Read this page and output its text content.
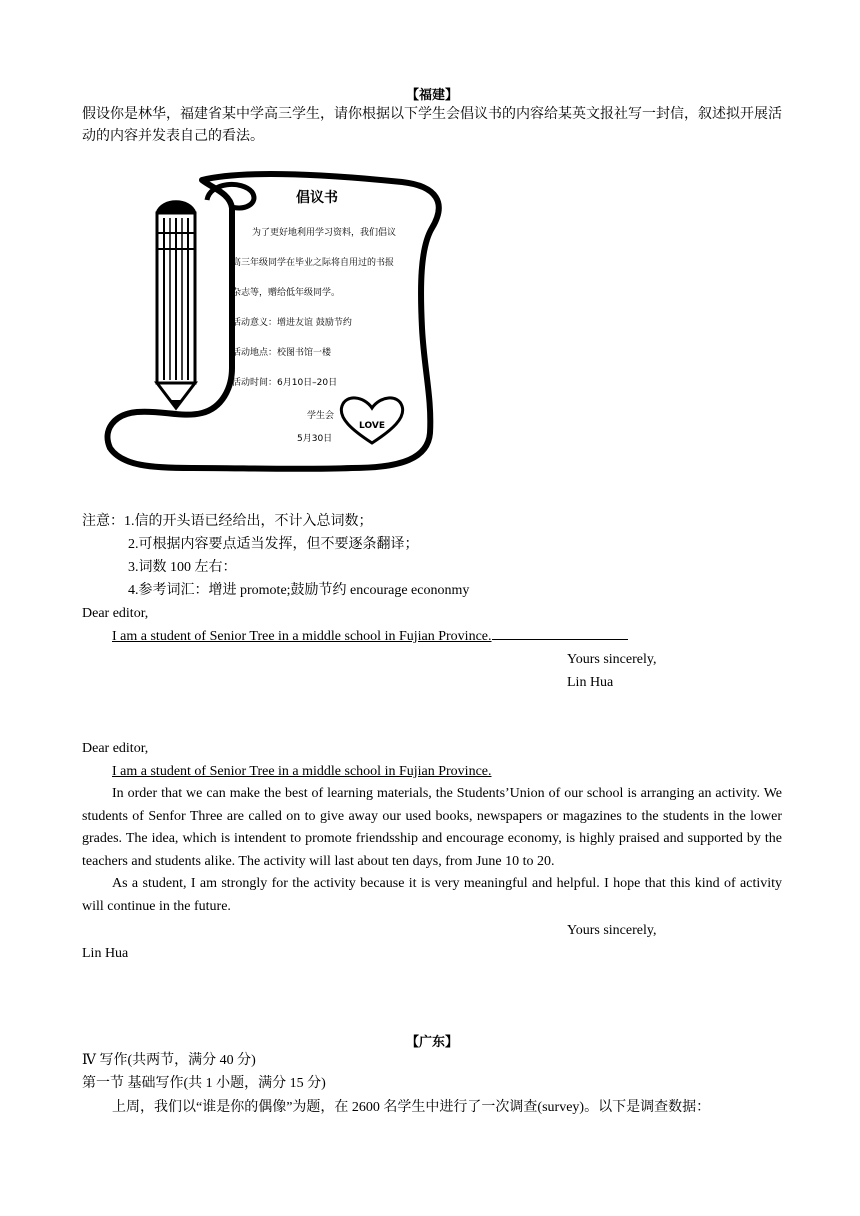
【福建】

假设你是林华，福建省某中学高三学生，请你根据以下学生会倡议书的内容给某英文报社写一封信，叙述拟开展活动的内容并发表自己的看法。

倡议书
为了更好地利用学习资料，我们倡议
高三年级同学在毕业之际将自用过的书报
杂志等，赠给低年级同学。
活动意义：增进友谊 鼓励节约
活动地点：校图书馆一楼
活动时间：6月10日–20日
学生会
5月30日
LOVE
注意：1.信的开头语已经给出，不计入总词数；
2.可根据内容要点适当发挥，但不要逐条翻译；
3.词数 100 左右：
4.参考词汇：增进 promote;鼓励节约 encourage econonmy
Dear editor,
I am a student of Senior Tree in a middle school in Fujian Province.
Yours sincerely,
Lin Hua
Dear editor,
I am a student of Senior Tree in a middle school in Fujian Province.

In order that we can make the best of learning materials, the Students’Union of our school is arranging an activity. We students of Senfor Three are called on to give away our used books, newspapers or magazines to the students in the lower grades. The idea, which is intendent to promote friendsship and encourage economy, is highly praised and supported by the teachers and students alike. The activity will last about ten days, from June 10 to 20.

As a student, I am strongly for the activity because it is very meaningful and helpful. I hope that this kind of activity will continue in the future.

Yours sincerely,
Lin Hua
【广东】
Ⅳ 写作(共两节，满分 40 分)
第一节 基础写作(共 1 小题，满分 15 分)
上周，我们以“谁是你的偶像”为题，在 2600 名学生中进行了一次调查(survey)。以下是调查数据：
